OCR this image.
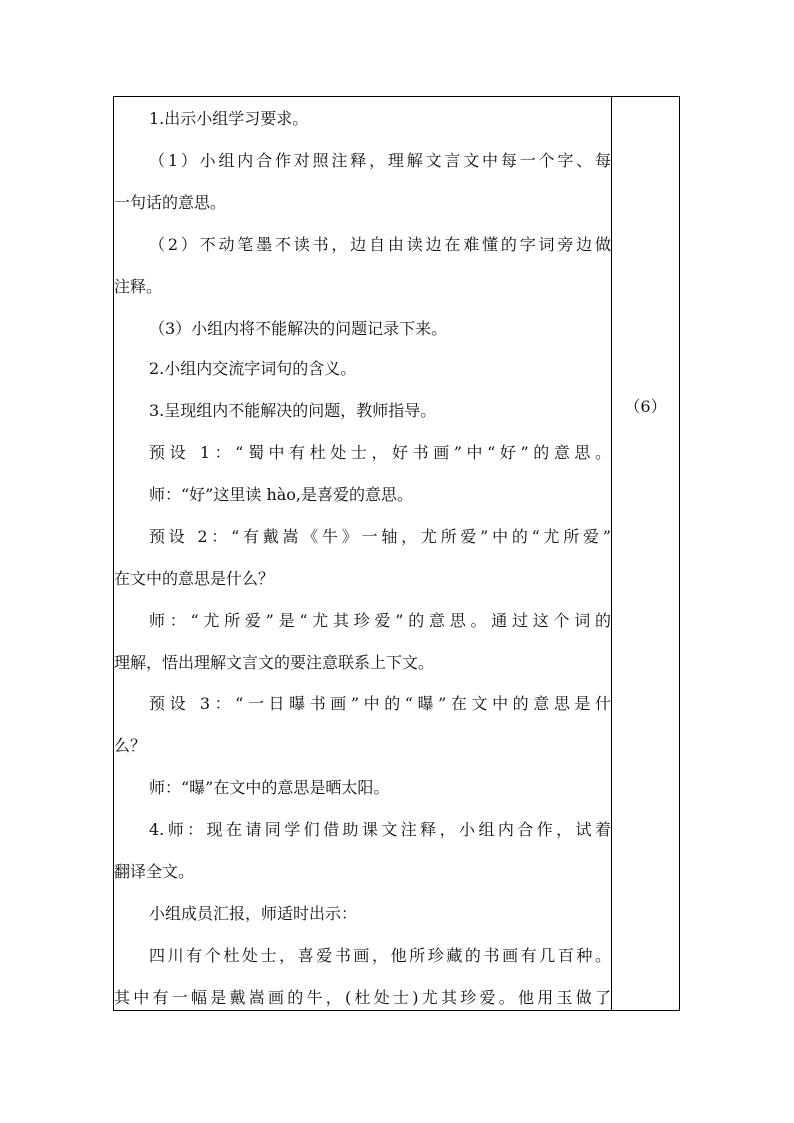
1.出示小组学习要求。
（1）小组内合作对照注释，理解文言文中每一个字、每
一句话的意思。
（2）不动笔墨不读书，边自由读边在难懂的字词旁边做
注释。
（3）小组内将不能解决的问题记录下来。
2.小组内交流字词句的含义。
3.呈现组内不能解决的问题，教师指导。
预设 1：“蜀中有杜处士，好书画”中“好”的意思。
师：“好”这里读 hào,是喜爱的意思。
预设 2：“有戴嵩《牛》一轴，尤所爱”中的“尤所爱”
在文中的意思是什么？
师：“尤所爱”是“尤其珍爱”的意思。通过这个词的
理解，悟出理解文言文的要注意联系上下文。
预设 3：“一日曝书画”中的“曝”在文中的意思是什
么？
师：“曝”在文中的意思是晒太阳。
4.师：现在请同学们借助课文注释，小组内合作，试着
翻译全文。
小组成员汇报，师适时出示：
四川有个杜处士，喜爱书画，他所珍藏的书画有几百种。
其中有一幅是戴嵩画的牛，(杜处士)尤其珍爱。他用玉做了
（6）
